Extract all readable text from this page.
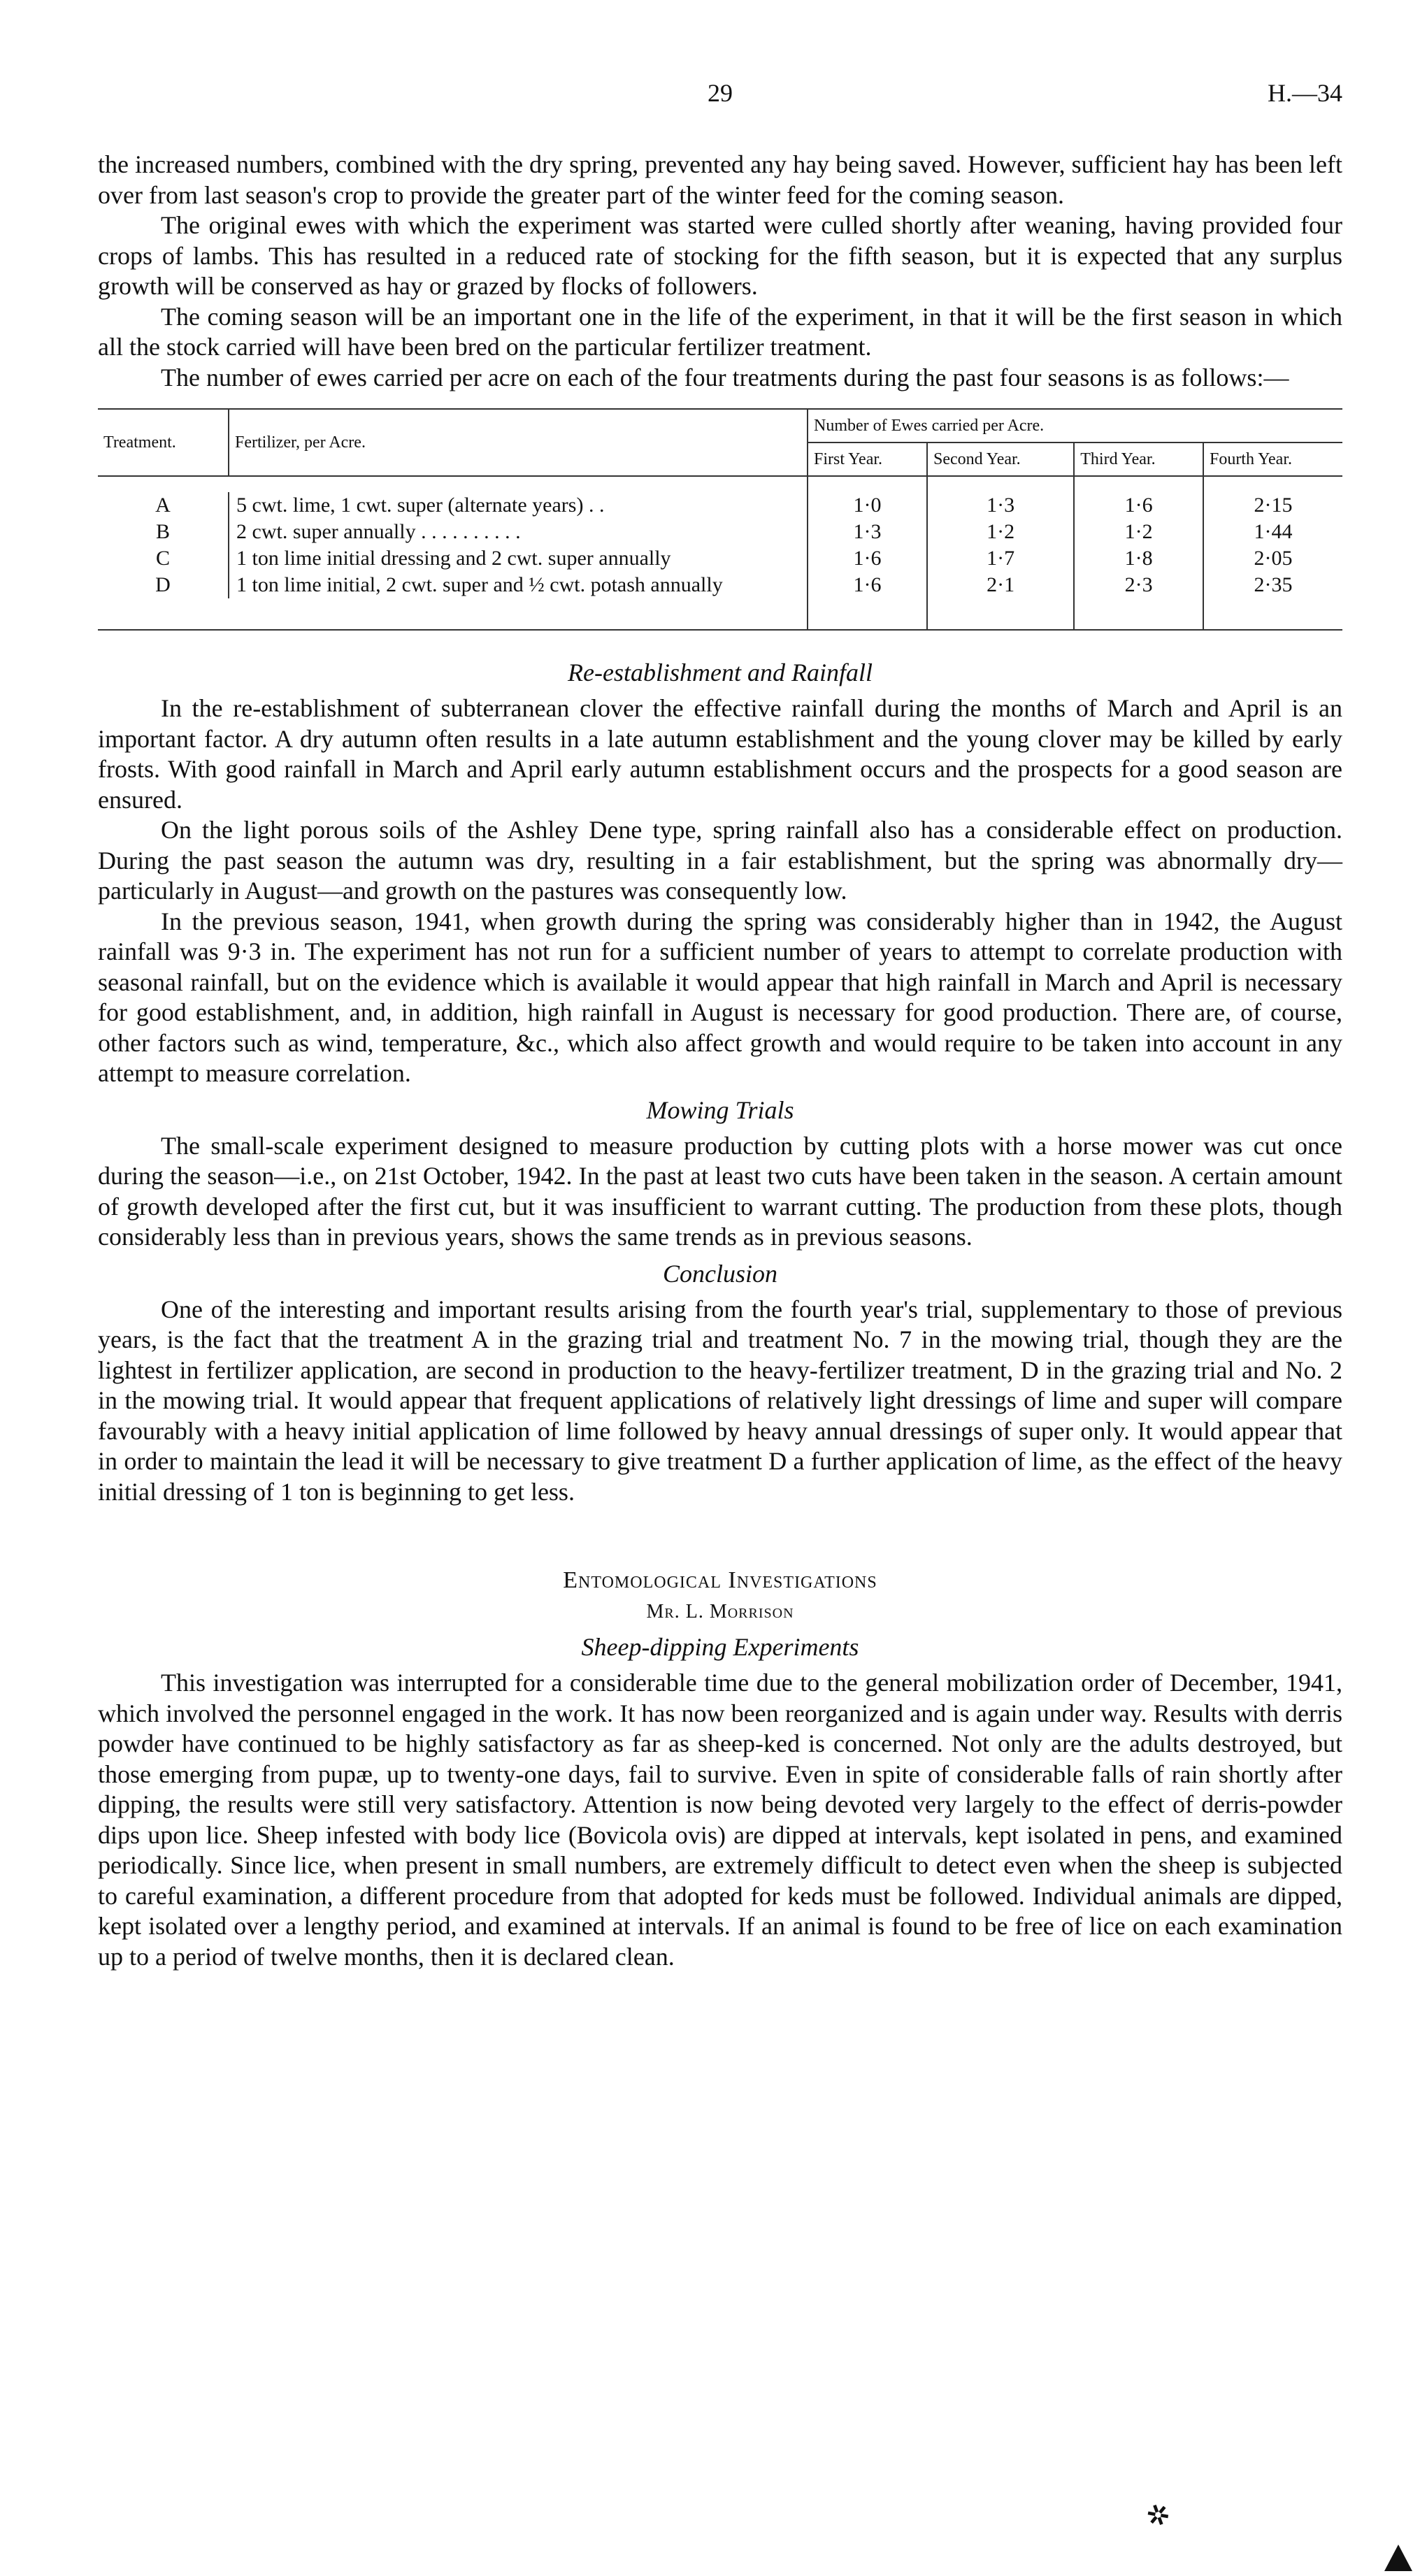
29	H.—34

the increased numbers, combined with the dry spring, prevented any hay being saved. However, sufficient hay has been left over from last season's crop to provide the greater part of the winter feed for the coming season.

The original ewes with which the experiment was started were culled shortly after weaning, having provided four crops of lambs. This has resulted in a reduced rate of stocking for the fifth season, but it is expected that any surplus growth will be conserved as hay or grazed by flocks of followers.

The coming season will be an important one in the life of the experiment, in that it will be the first season in which all the stock carried will have been bred on the particular fertilizer treatment.

The number of ewes carried per acre on each of the four treatments during the past four seasons is as follows:—

Treatment.	Fertilizer, per Acre.	Number of Ewes carried per Acre.			
		First Year.	Second Year.	Third Year.	Fourth Year.

A	5 cwt. lime, 1 cwt. super (alternate years) . .	1·0	1·3	1·6	2·15
B	2 cwt. super annually . . . . . . . . . .	1·3	1·2	1·2	1·44
C	1 ton lime initial dressing and 2 cwt. super annually	1·6	1·7	1·8	2·05
D	1 ton lime initial, 2 cwt. super and ½ cwt. potash annually	1·6	2·1	2·3	2·35

Re-establishment and Rainfall

In the re-establishment of subterranean clover the effective rainfall during the months of March and April is an important factor. A dry autumn often results in a late autumn establishment and the young clover may be killed by early frosts. With good rainfall in March and April early autumn establishment occurs and the prospects for a good season are ensured.

On the light porous soils of the Ashley Dene type, spring rainfall also has a considerable effect on production. During the past season the autumn was dry, resulting in a fair establishment, but the spring was abnormally dry—particularly in August—and growth on the pastures was consequently low.

In the previous season, 1941, when growth during the spring was considerably higher than in 1942, the August rainfall was 9·3 in. The experiment has not run for a sufficient number of years to attempt to correlate production with seasonal rainfall, but on the evidence which is available it would appear that high rainfall in March and April is necessary for good establishment, and, in addition, high rainfall in August is necessary for good production. There are, of course, other factors such as wind, temperature, &c., which also affect growth and would require to be taken into account in any attempt to measure correlation.

Mowing Trials

The small-scale experiment designed to measure production by cutting plots with a horse mower was cut once during the season—i.e., on 21st October, 1942. In the past at least two cuts have been taken in the season. A certain amount of growth developed after the first cut, but it was insufficient to warrant cutting. The production from these plots, though considerably less than in previous years, shows the same trends as in previous seasons.

Conclusion

One of the interesting and important results arising from the fourth year's trial, supplementary to those of previous years, is the fact that the treatment A in the grazing trial and treatment No. 7 in the mowing trial, though they are the lightest in fertilizer application, are second in production to the heavy-fertilizer treatment, D in the grazing trial and No. 2 in the mowing trial. It would appear that frequent applications of relatively light dressings of lime and super will compare favourably with a heavy initial application of lime followed by heavy annual dressings of super only. It would appear that in order to maintain the lead it will be necessary to give treatment D a further application of lime, as the effect of the heavy initial dressing of 1 ton is beginning to get less.

Entomological Investigations
Mr. L. Morrison
Sheep-dipping Experiments

This investigation was interrupted for a considerable time due to the general mobilization order of December, 1941, which involved the personnel engaged in the work. It has now been reorganized and is again under way. Results with derris powder have continued to be highly satisfactory as far as sheep-ked is concerned. Not only are the adults destroyed, but those emerging from pupæ, up to twenty-one days, fail to survive. Even in spite of considerable falls of rain shortly after dipping, the results were still very satisfactory. Attention is now being devoted very largely to the effect of derris-powder dips upon lice. Sheep infested with body lice (Bovicola ovis) are dipped at intervals, kept isolated in pens, and examined periodically. Since lice, when present in small numbers, are extremely difficult to detect even when the sheep is subjected to careful examination, a different procedure from that adopted for keds must be followed. Individual animals are dipped, kept isolated over a lengthy period, and examined at intervals. If an animal is found to be free of lice on each examination up to a period of twelve months, then it is declared clean.

✲
